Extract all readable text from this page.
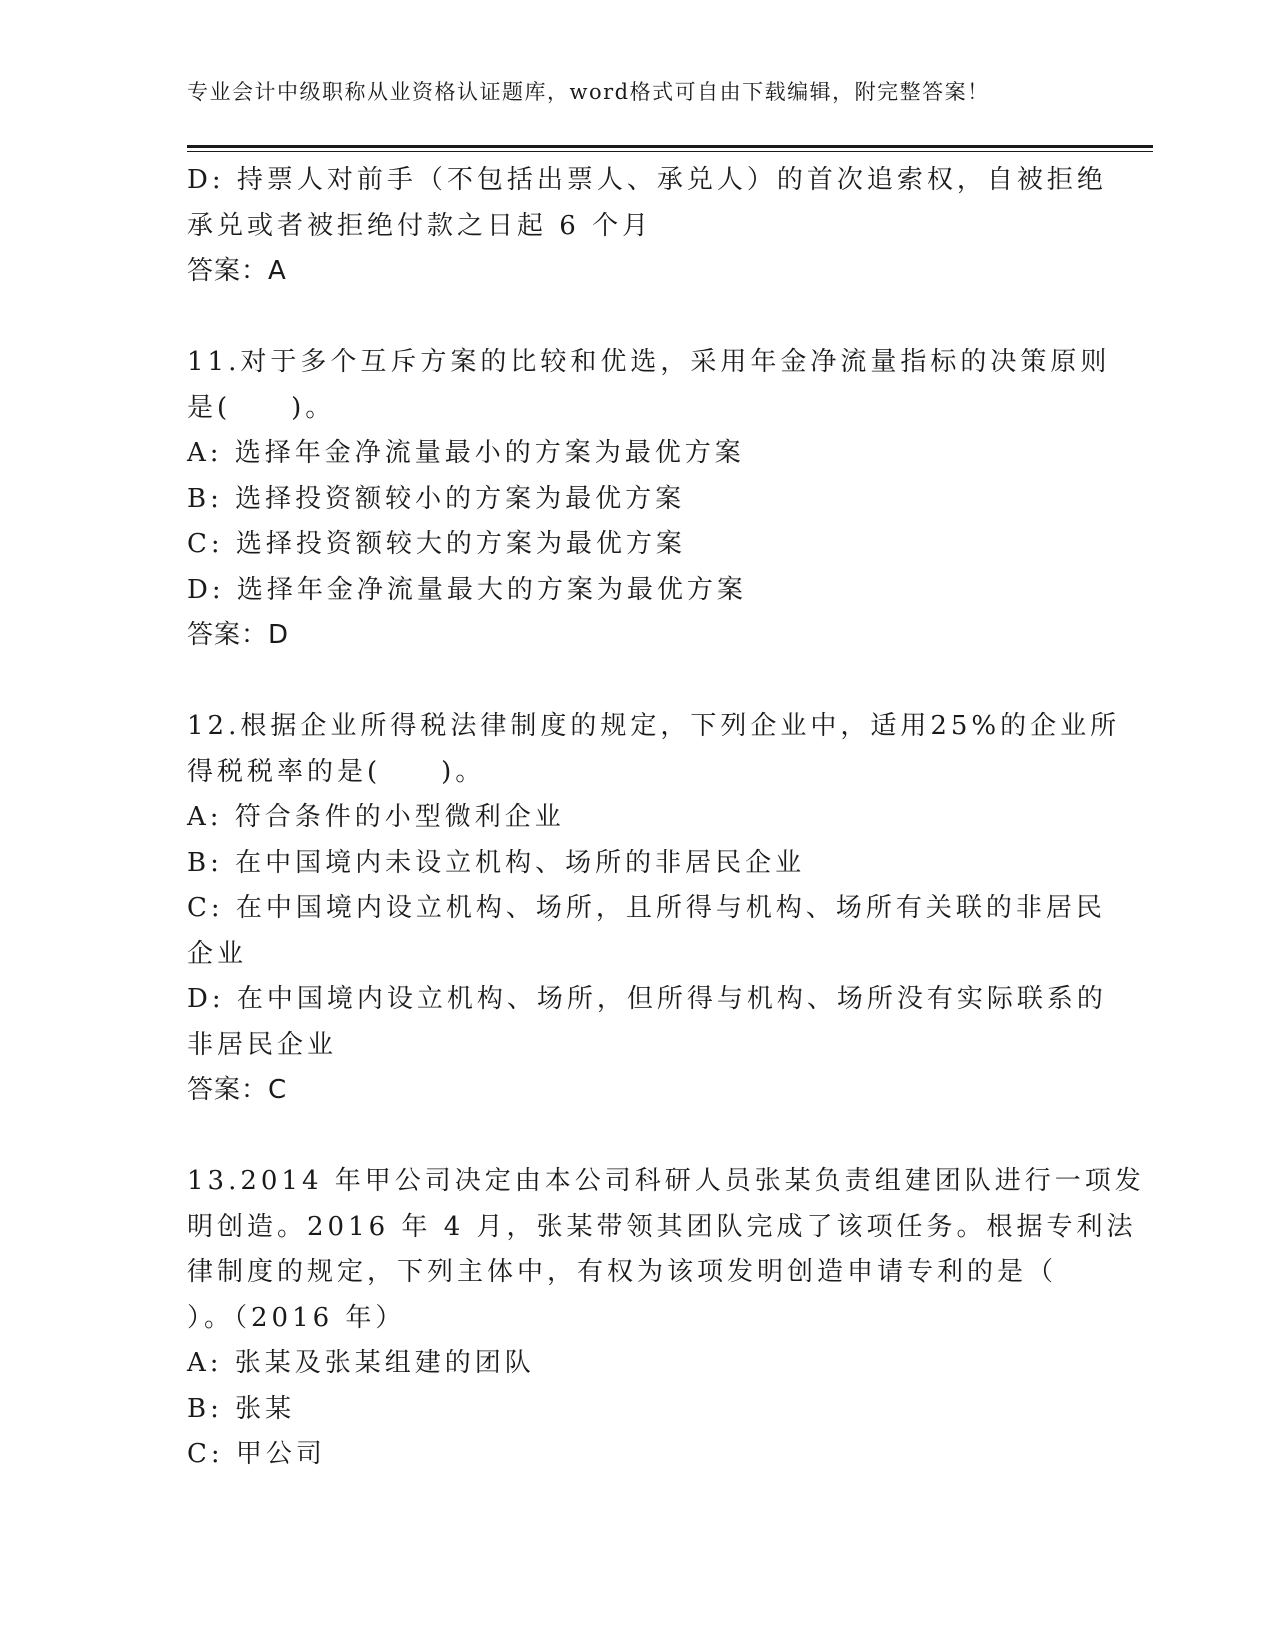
专业会计中级职称从业资格认证题库，word格式可自由下载编辑，附完整答案！
D: 持票人对前手（不包括出票人、承兑人）的首次追索权，自被拒绝
承兑或者被拒绝付款之日起 6 个月
答案：A
11.对于多个互斥方案的比较和优选，采用年金净流量指标的决策原则
是(　　)。
A: 选择年金净流量最小的方案为最优方案
B: 选择投资额较小的方案为最优方案
C: 选择投资额较大的方案为最优方案
D: 选择年金净流量最大的方案为最优方案
答案：D
12.根据企业所得税法律制度的规定，下列企业中，适用25%的企业所
得税税率的是(　　)。
A: 符合条件的小型微利企业
B: 在中国境内未设立机构、场所的非居民企业
C: 在中国境内设立机构、场所，且所得与机构、场所有关联的非居民
企业
D: 在中国境内设立机构、场所，但所得与机构、场所没有实际联系的
非居民企业
答案：C
13.2014 年甲公司决定由本公司科研人员张某负责组建团队进行一项发
明创造。2016 年 4 月，张某带领其团队完成了该项任务。根据专利法
律制度的规定，下列主体中，有权为该项发明创造申请专利的是（
）。（2016 年）
A: 张某及张某组建的团队
B: 张某
C: 甲公司
